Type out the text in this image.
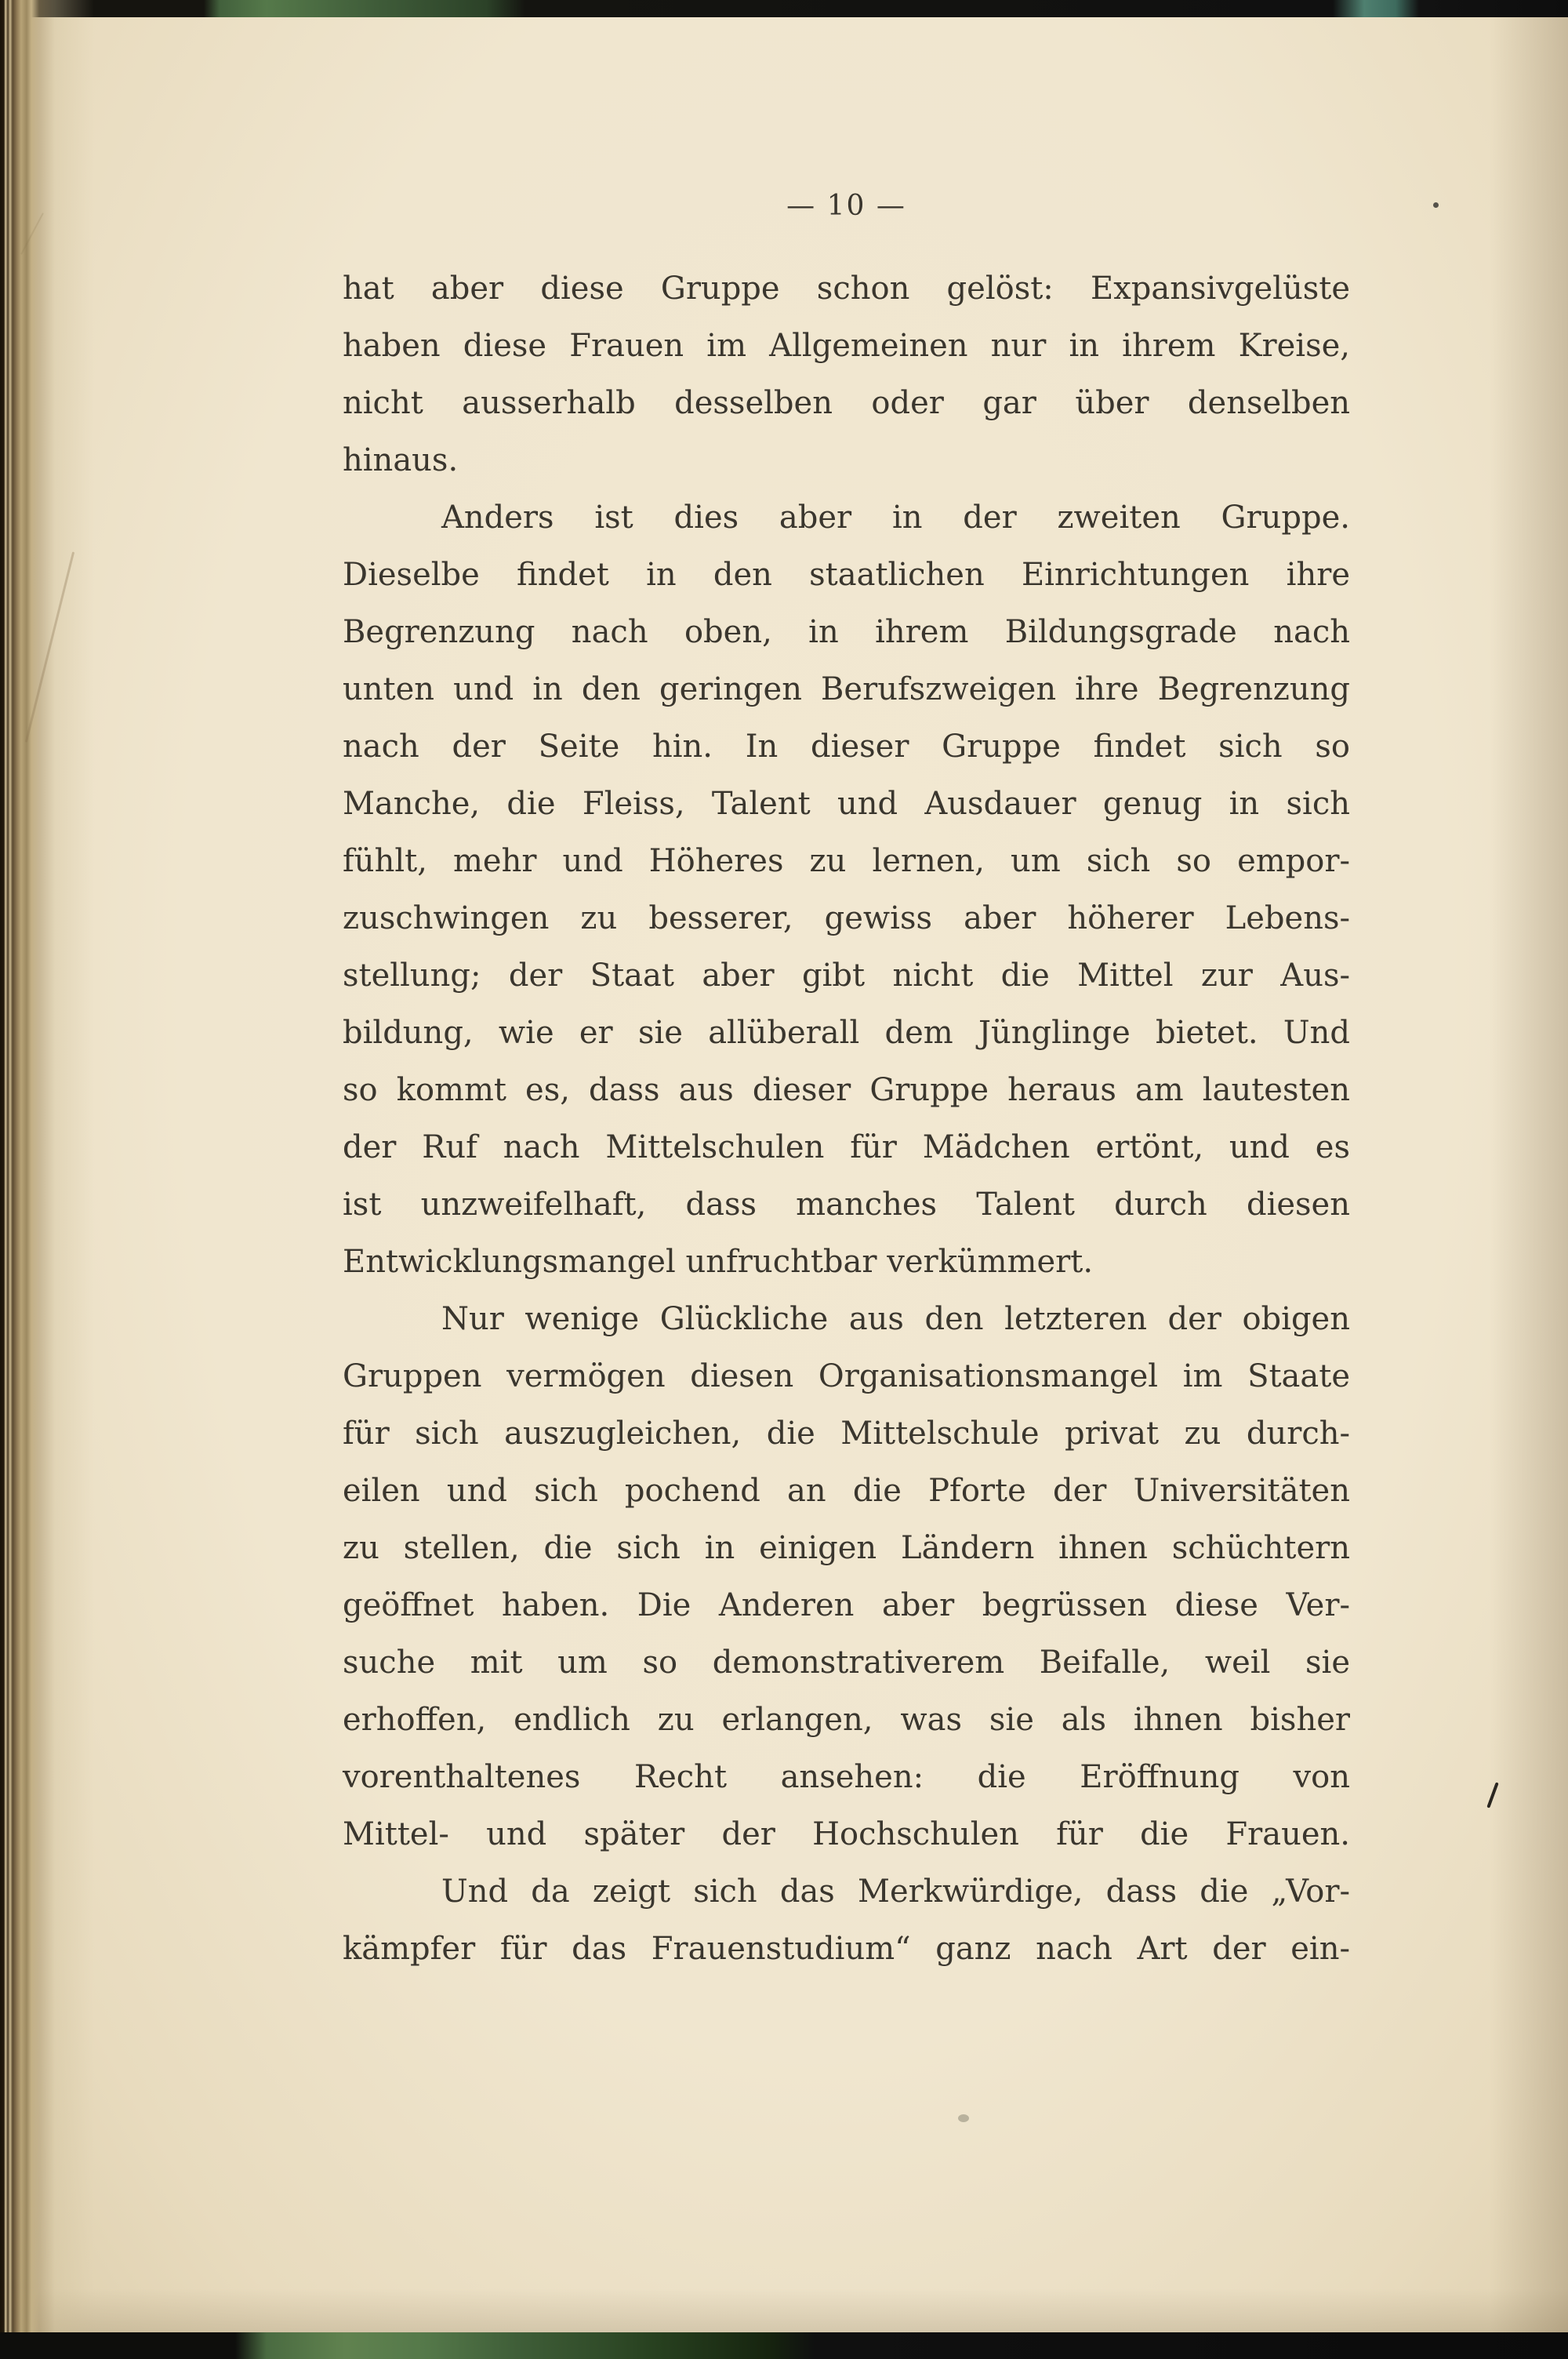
— 10 —
hat aber diese Gruppe schon gelöst: Expansivgelüste
haben diese Frauen im Allgemeinen nur in ihrem Kreise,
nicht ausserhalb desselben oder gar über denselben
hinaus.
Anders ist dies aber in der zweiten Gruppe.
Dieselbe findet in den staatlichen Einrichtungen ihre
Begrenzung nach oben, in ihrem Bildungsgrade nach
unten und in den geringen Berufszweigen ihre Begrenzung
nach der Seite hin. In dieser Gruppe findet sich so
Manche, die Fleiss, Talent und Ausdauer genug in sich
fühlt, mehr und Höheres zu lernen, um sich so empor-
zuschwingen zu besserer, gewiss aber höherer Lebens-
stellung; der Staat aber gibt nicht die Mittel zur Aus-
bildung, wie er sie allüberall dem Jünglinge bietet. Und
so kommt es, dass aus dieser Gruppe heraus am lautesten
der Ruf nach Mittelschulen für Mädchen ertönt, und es
ist unzweifelhaft, dass manches Talent durch diesen
Entwicklungsmangel unfruchtbar verkümmert.
Nur wenige Glückliche aus den letzteren der obigen
Gruppen vermögen diesen Organisationsmangel im Staate
für sich auszugleichen, die Mittelschule privat zu durch-
eilen und sich pochend an die Pforte der Universitäten
zu stellen, die sich in einigen Ländern ihnen schüchtern
geöffnet haben. Die Anderen aber begrüssen diese Ver-
suche mit um so demonstrativerem Beifalle, weil sie
erhoffen, endlich zu erlangen, was sie als ihnen bisher
vorenthaltenes Recht ansehen: die Eröffnung von
Mittel- und später der Hochschulen für die Frauen.
Und da zeigt sich das Merkwürdige, dass die „Vor-
kämpfer für das Frauenstudium“ ganz nach Art der ein-
